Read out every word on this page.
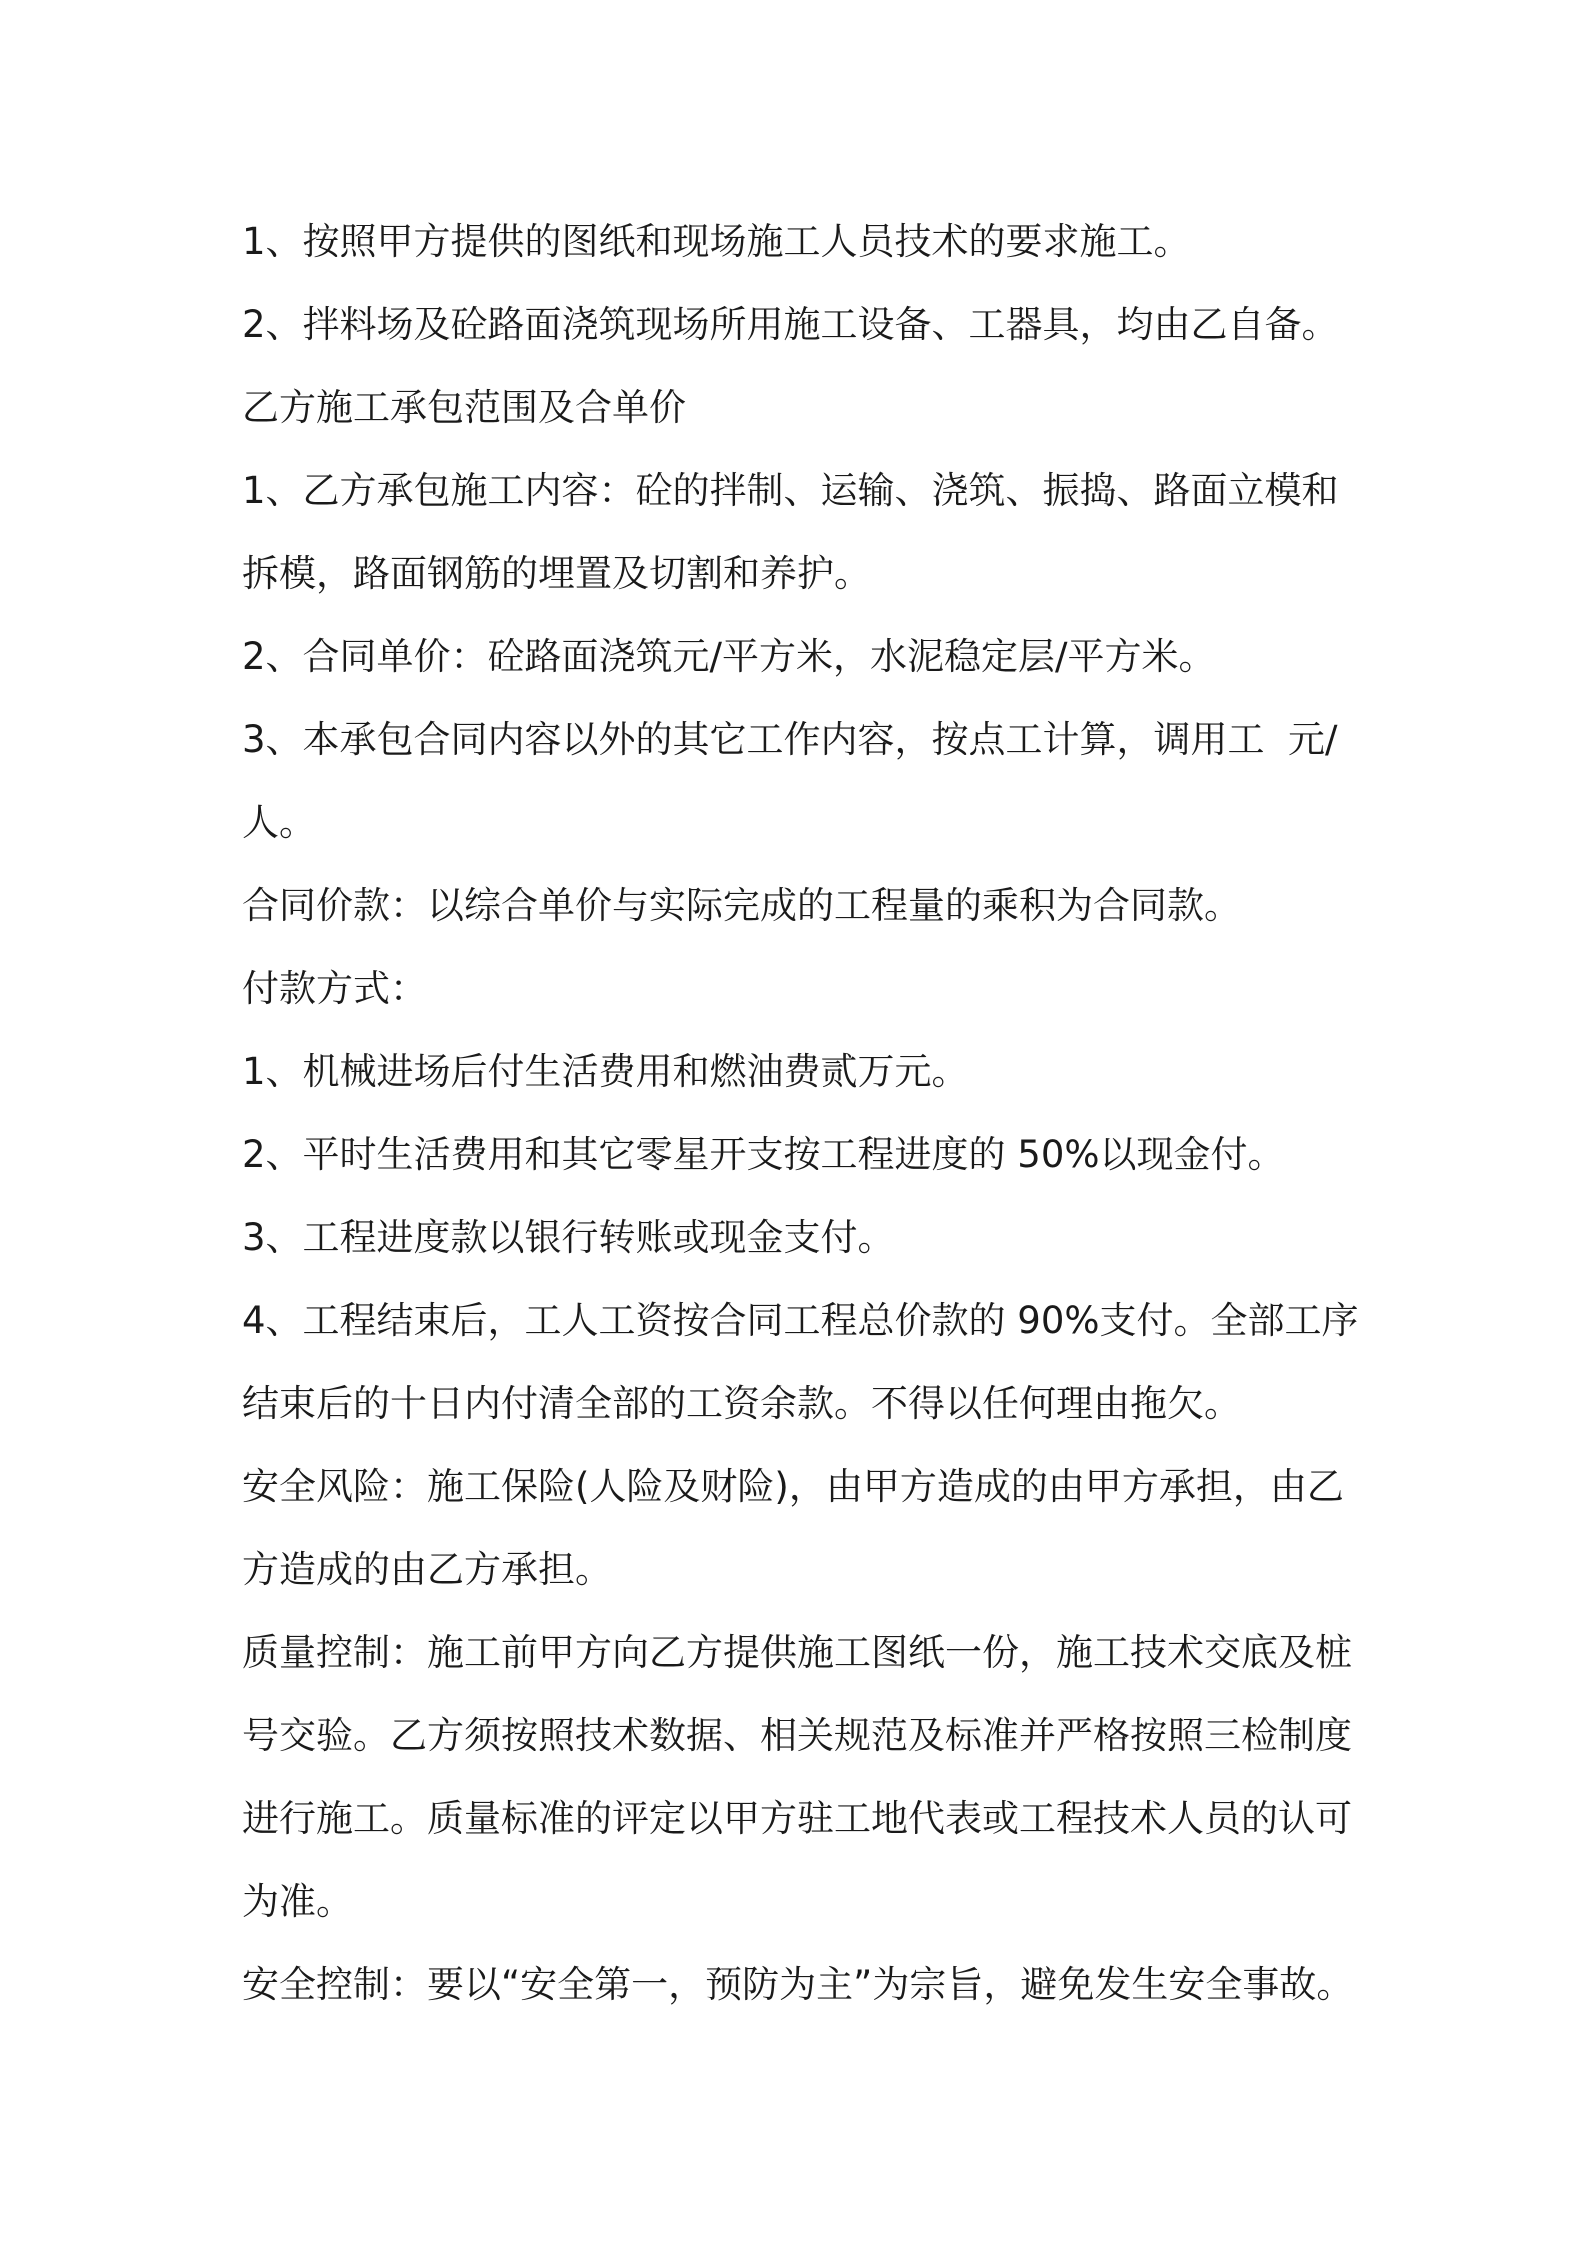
1、按照甲方提供的图纸和现场施工人员技术的要求施工。

2、拌料场及砼路面浇筑现场所用施工设备、工器具，均由乙自备。

乙方施工承包范围及合单价

1、乙方承包施工内容：砼的拌制、运输、浇筑、振捣、路面立模和拆模，路面钢筋的埋置及切割和养护。

2、合同单价：砼路面浇筑元/平方米，水泥稳定层/平方米。

3、本承包合同内容以外的其它工作内容，按点工计算，调用工  元/人。

合同价款：以综合单价与实际完成的工程量的乘积为合同款。

付款方式：

1、机械进场后付生活费用和燃油费贰万元。

2、平时生活费用和其它零星开支按工程进度的 50%以现金付。

3、工程进度款以银行转账或现金支付。

4、工程结束后，工人工资按合同工程总价款的 90%支付。全部工序结束后的十日内付清全部的工资余款。不得以任何理由拖欠。

安全风险：施工保险(人险及财险)，由甲方造成的由甲方承担，由乙方造成的由乙方承担。

质量控制：施工前甲方向乙方提供施工图纸一份，施工技术交底及桩号交验。乙方须按照技术数据、相关规范及标准并严格按照三检制度进行施工。质量标准的评定以甲方驻工地代表或工程技术人员的认可为准。

安全控制：要以“安全第一，预防为主”为宗旨，避免发生安全事故。
